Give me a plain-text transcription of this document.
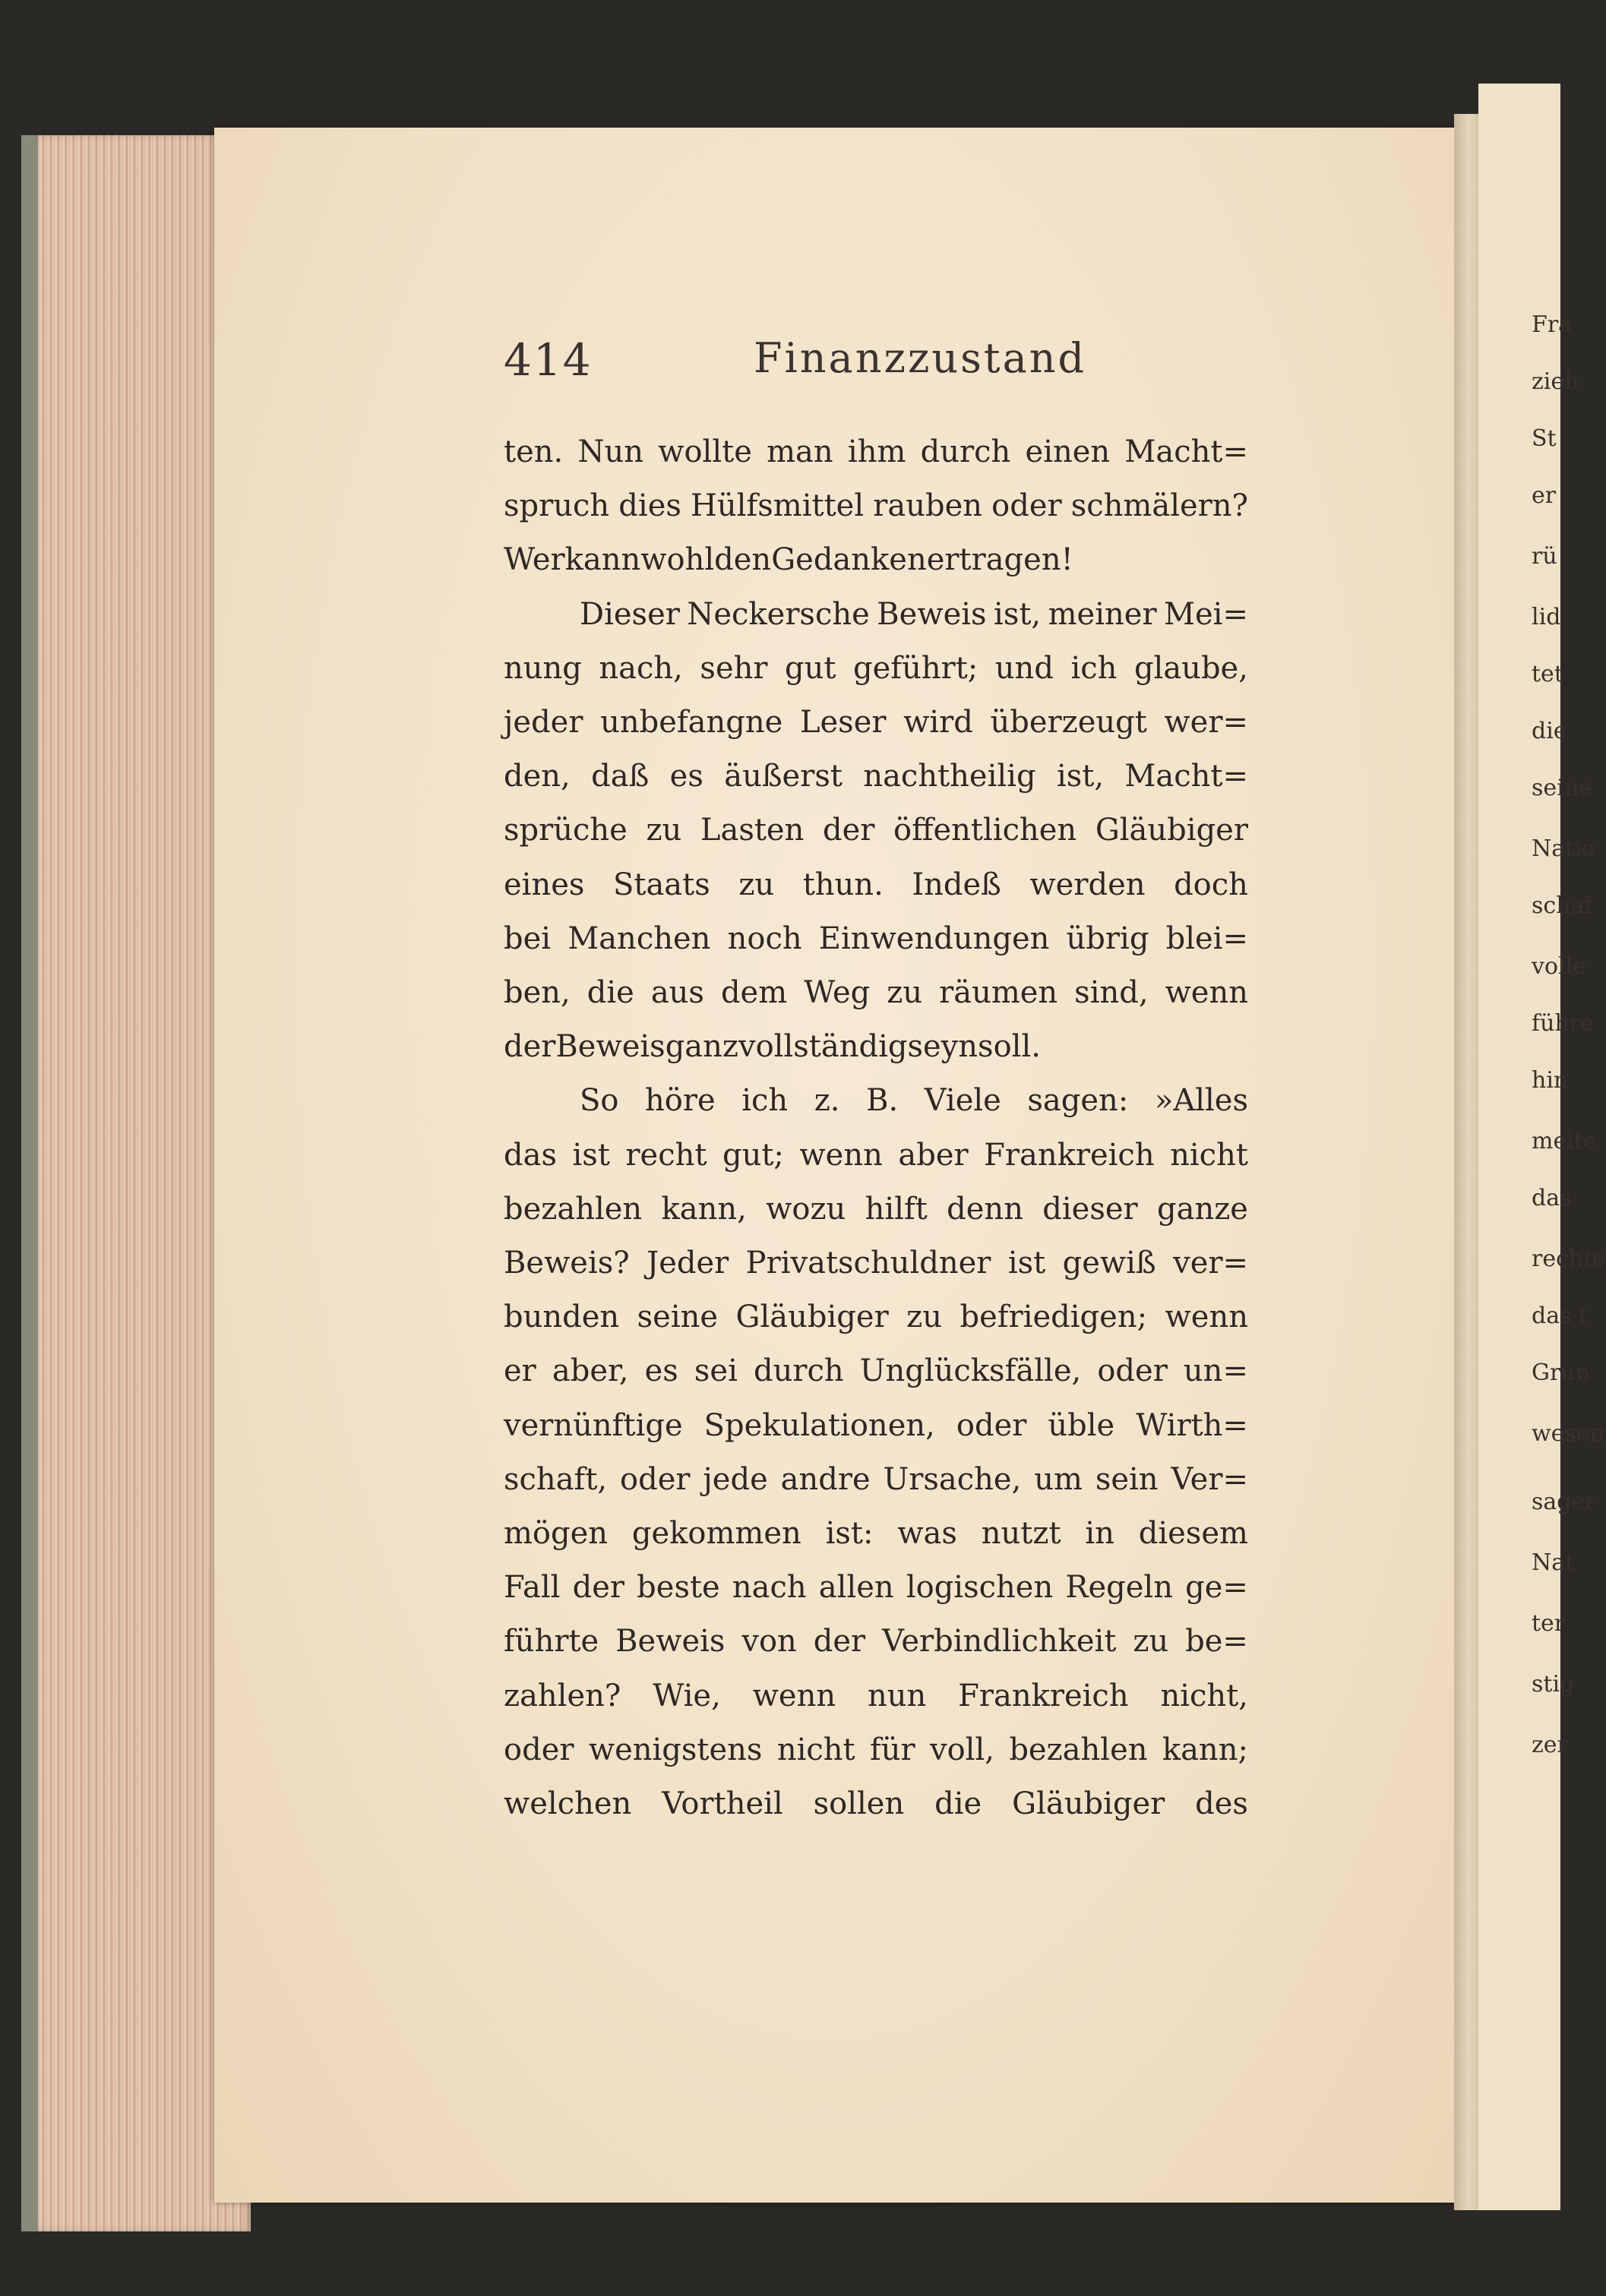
414	Finanzzustand
ten. Nun wollte man ihm durch einen Macht=
spruch dies Hülfsmittel rauben oder schmälern?
Wer kann wohl den Gedanken ertragen!
Dieser Neckersche Beweis ist, meiner Mei=
nung nach, sehr gut geführt; und ich glaube,
jeder unbefangne Leser wird überzeugt wer=
den, daß es äußerst nachtheilig ist, Macht=
sprüche zu Lasten der öffentlichen Gläubiger
eines Staats zu thun. Indeß werden doch
bei Manchen noch Einwendungen übrig blei=
ben, die aus dem Weg zu räumen sind, wenn
der Beweis ganz vollständig seyn soll.
So höre ich z. B. Viele sagen: »Alles
das ist recht gut; wenn aber Frankreich nicht
bezahlen kann, wozu hilft denn dieser ganze
Beweis? Jeder Privatschuldner ist gewiß ver=
bunden seine Gläubiger zu befriedigen; wenn
er aber, es sei durch Unglücksfälle, oder un=
vernünftige Spekulationen, oder üble Wirth=
schaft, oder jede andre Ursache, um sein Ver=
mögen gekommen ist: was nutzt in diesem
Fall der beste nach allen logischen Regeln ge=
führte Beweis von der Verbindlichkeit zu be=
zahlen? Wie, wenn nun Frankreich nicht,
oder wenigstens nicht für voll, bezahlen kann;
welchen Vortheil sollen die Gläubiger des
Fra
zieh
St
er
rü
lid
tet
die
seine
Natio
schaf
volle
führe
hin
melte
das
rechte
das t
Grun
wesen
sager
Nat
ter
stig
zer
